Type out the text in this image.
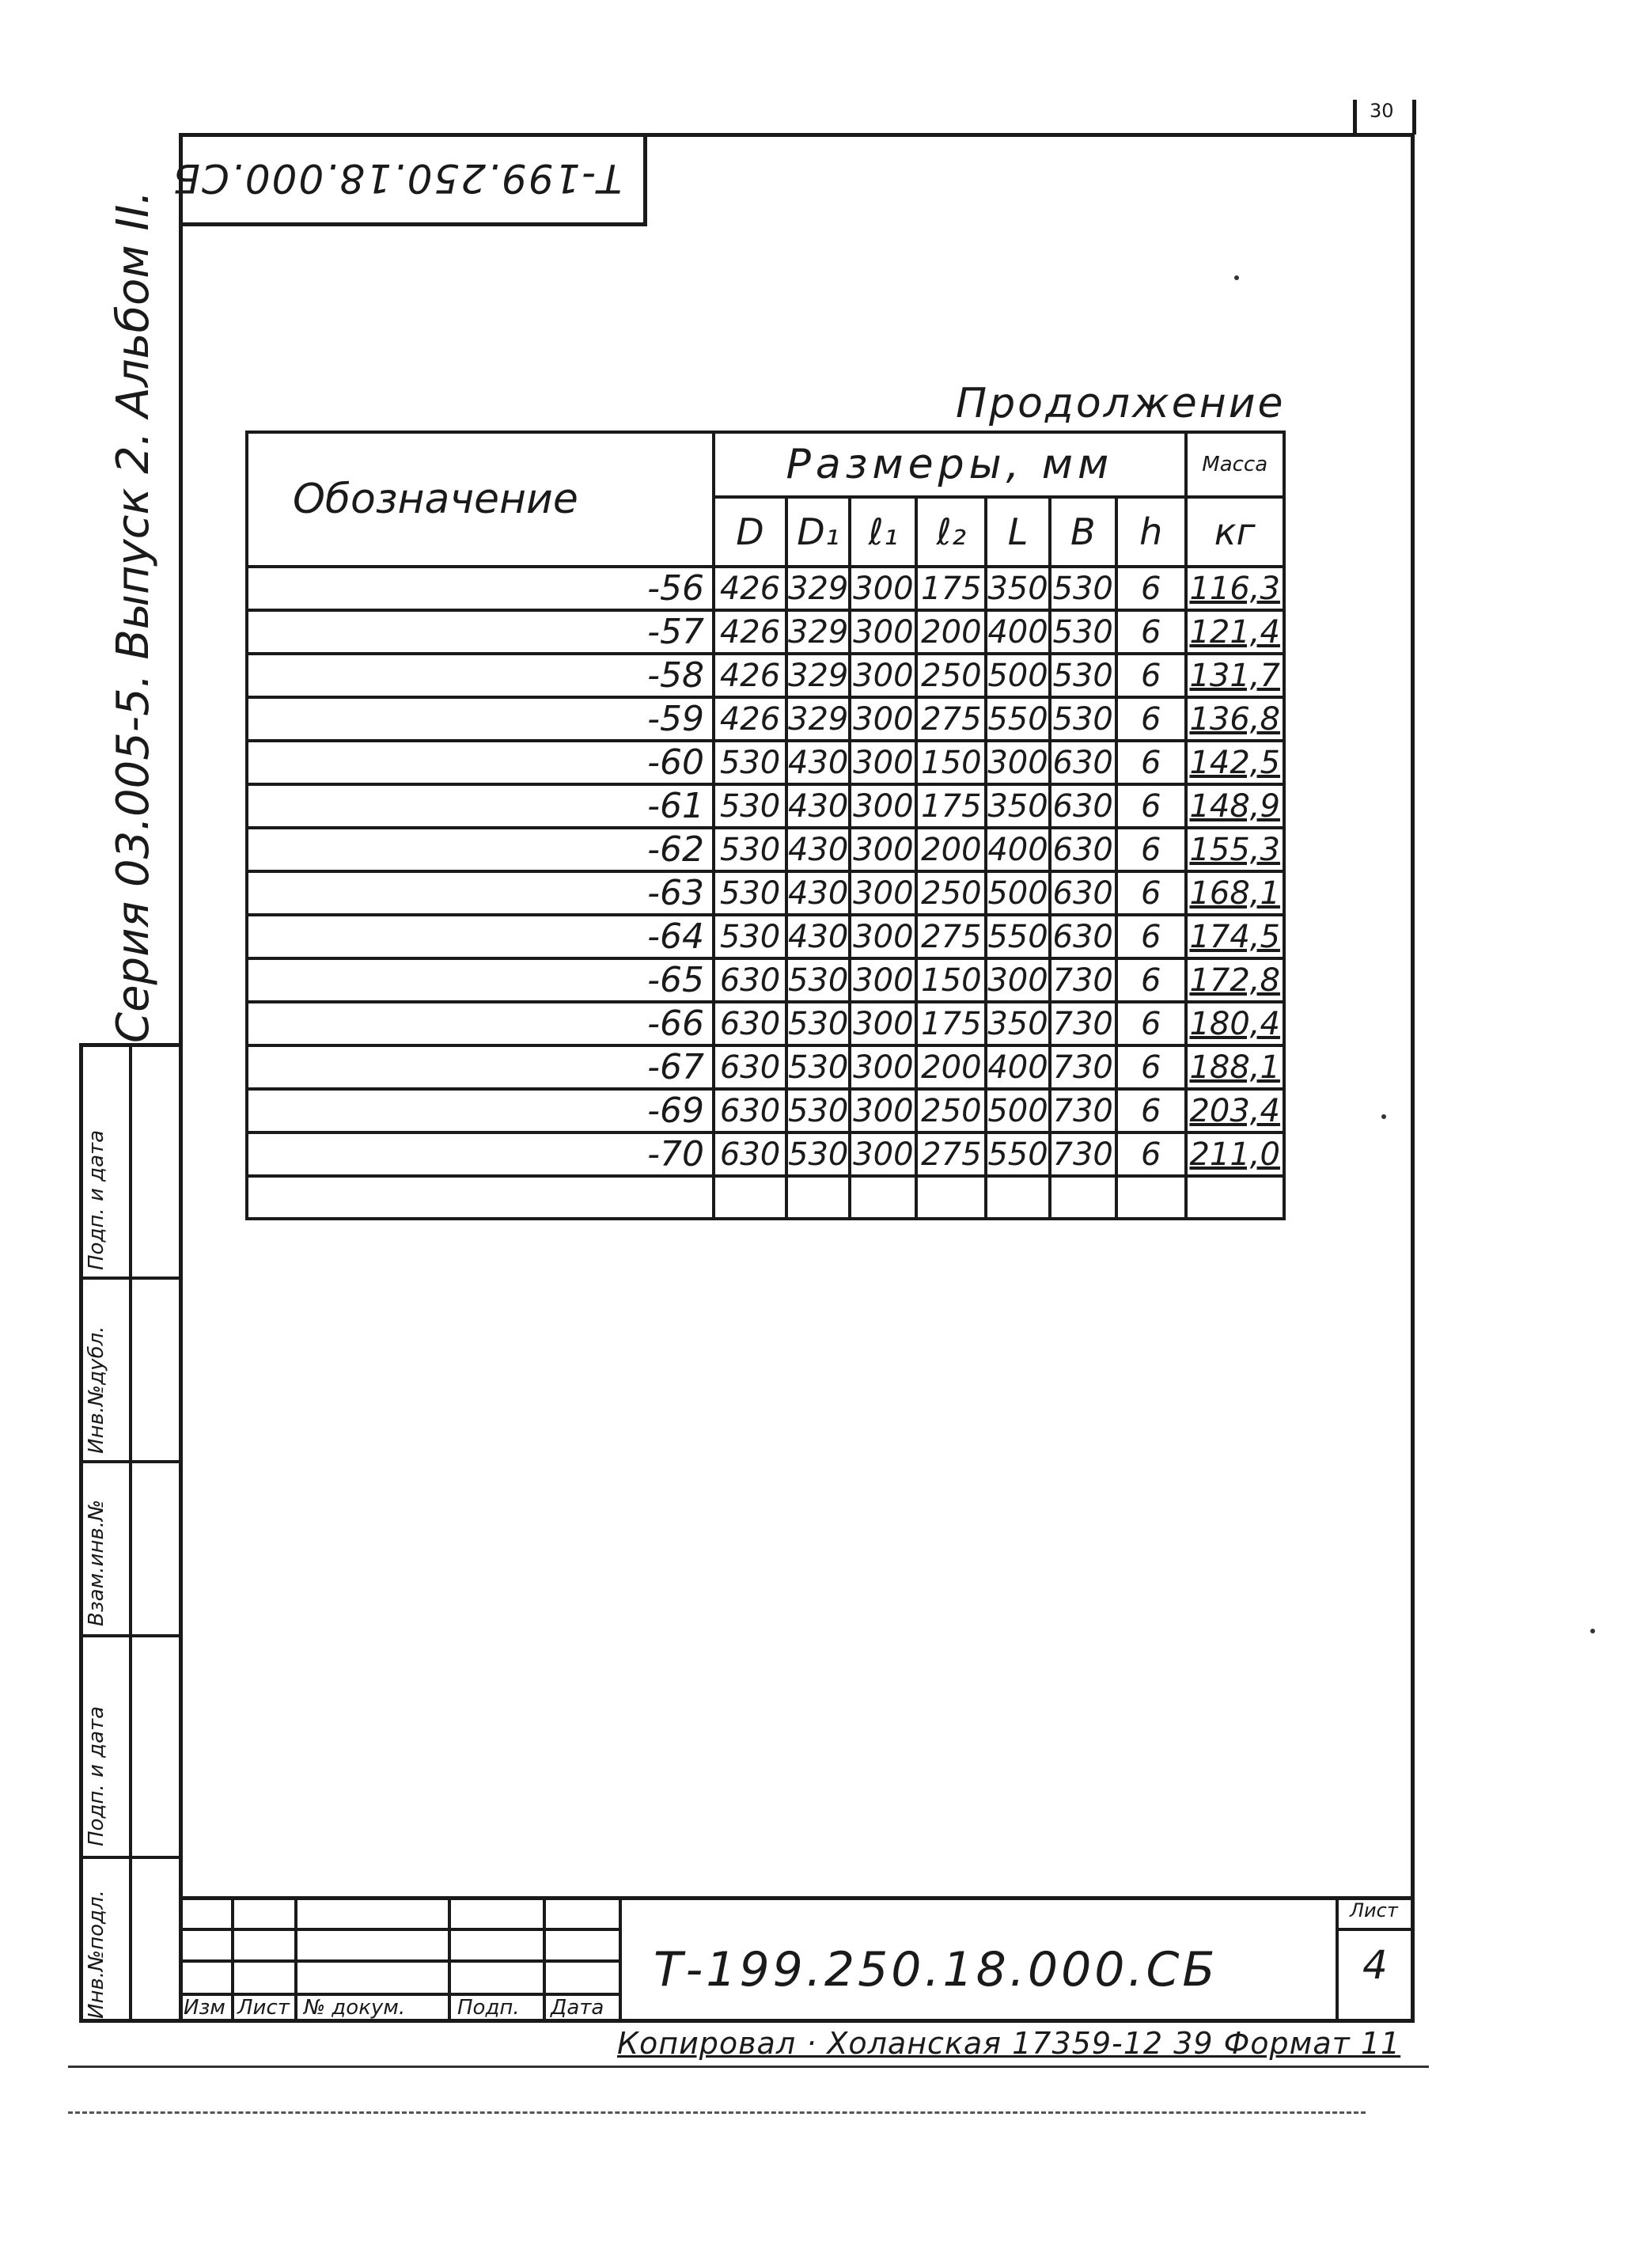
30
Т-199.250.18.000.СБ
Серия 03.005-5. Выпуск 2. Альбом II.
Инв.№подл.
Подп. и дата
Взам.инв.№
Инв.№дубл.
Подп. и дата
Продолжение
Обозначение	Размеры, мм							Масса
	D	D₁	ℓ₁	ℓ₂	L	B	h	кг
-56	426	329	300	175	350	530	6	116,3
-57	426	329	300	200	400	530	6	121,4
-58	426	329	300	250	500	530	6	131,7
-59	426	329	300	275	550	530	6	136,8
-60	530	430	300	150	300	630	6	142,5
-61	530	430	300	175	350	630	6	148,9
-62	530	430	300	200	400	630	6	155,3
-63	530	430	300	250	500	630	6	168,1
-64	530	430	300	275	550	630	6	174,5
-65	630	530	300	150	300	730	6	172,8
-66	630	530	300	175	350	730	6	180,4
-67	630	530	300	200	400	730	6	188,1
-69	630	530	300	250	500	730	6	203,4
-70	630	530	300	275	550	730	6	211,0

Изм Лист № докум.	Подп. Дата
Т-199.250.18.000.СБ
Лист
4
Копировал · Холанская 17359-12 39 Формат 11
